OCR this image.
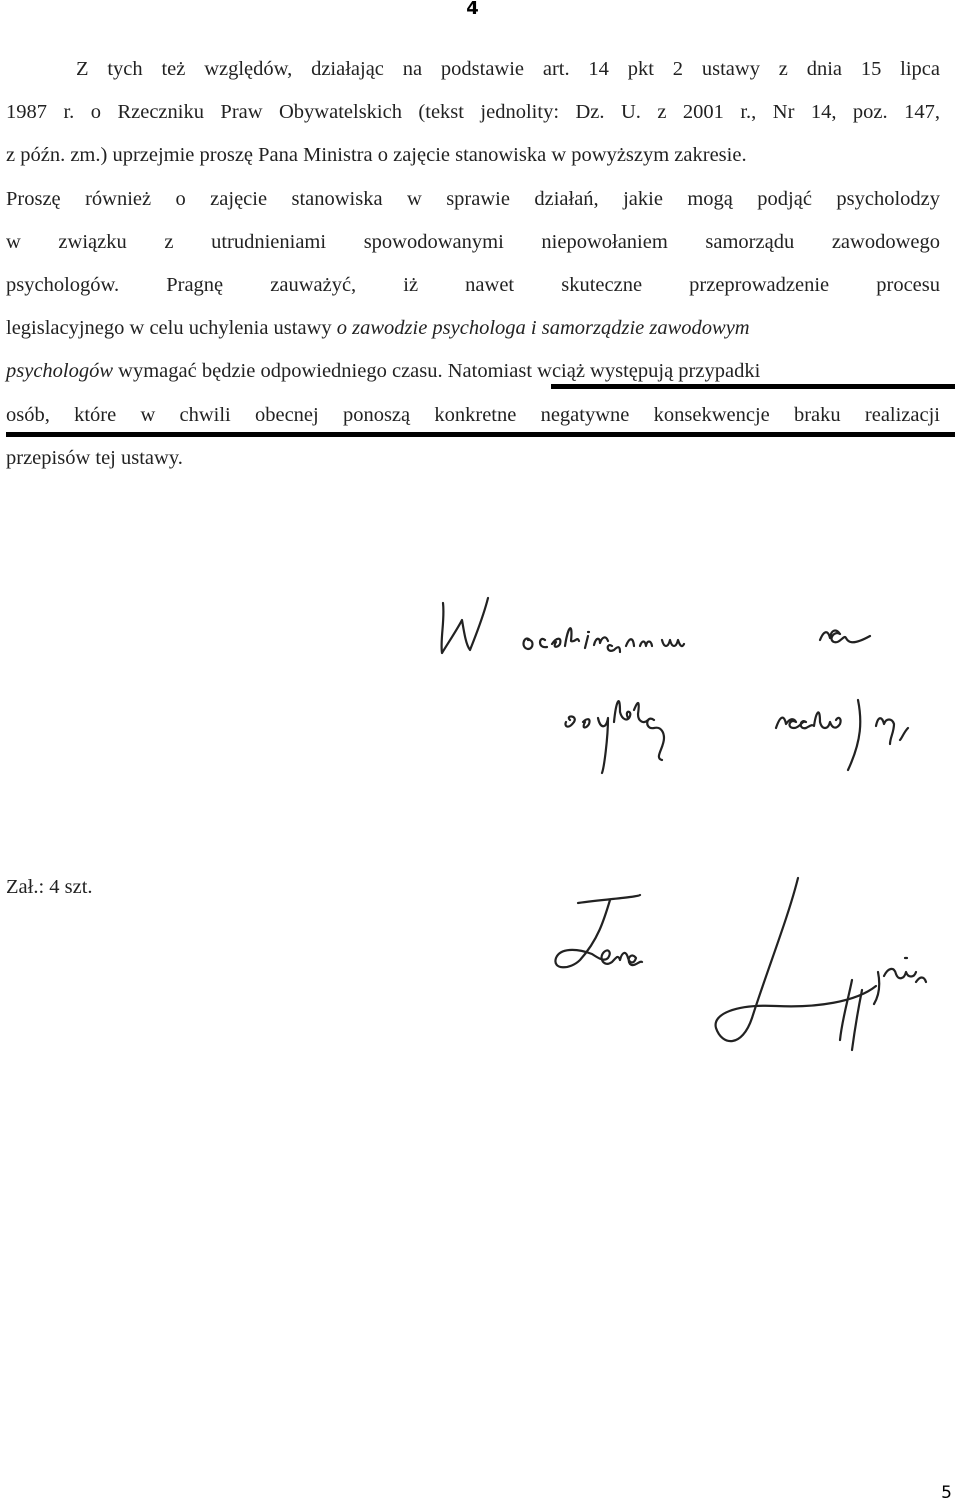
4
Z tych też względów, działając na podstawie art. 14 pkt 2 ustawy z dnia 15 lipca
1987 r. o Rzeczniku Praw Obywatelskich (tekst jednolity: Dz. U. z 2001 r., Nr 14, poz. 147,
z późn. zm.) uprzejmie proszę Pana Ministra o zajęcie stanowiska w powyższym zakresie.
Proszę również o zajęcie stanowiska w sprawie działań, jakie mogą podjąć psycholodzy
w związku z utrudnieniami spowodowanymi niepowołaniem samorządu zawodowego
psychologów. Pragnę zauważyć, iż nawet skuteczne przeprowadzenie procesu
legislacyjnego w celu uchylenia ustawy o zawodzie psychologa i samorządzie zawodowym
psychologów wymagać będzie odpowiedniego czasu. Natomiast wciąż występują przypadki
osób, które w chwili obecnej ponoszą konkretne negatywne konsekwencje braku realizacji
przepisów tej ustawy.
Zał.: 4 szt.
5
